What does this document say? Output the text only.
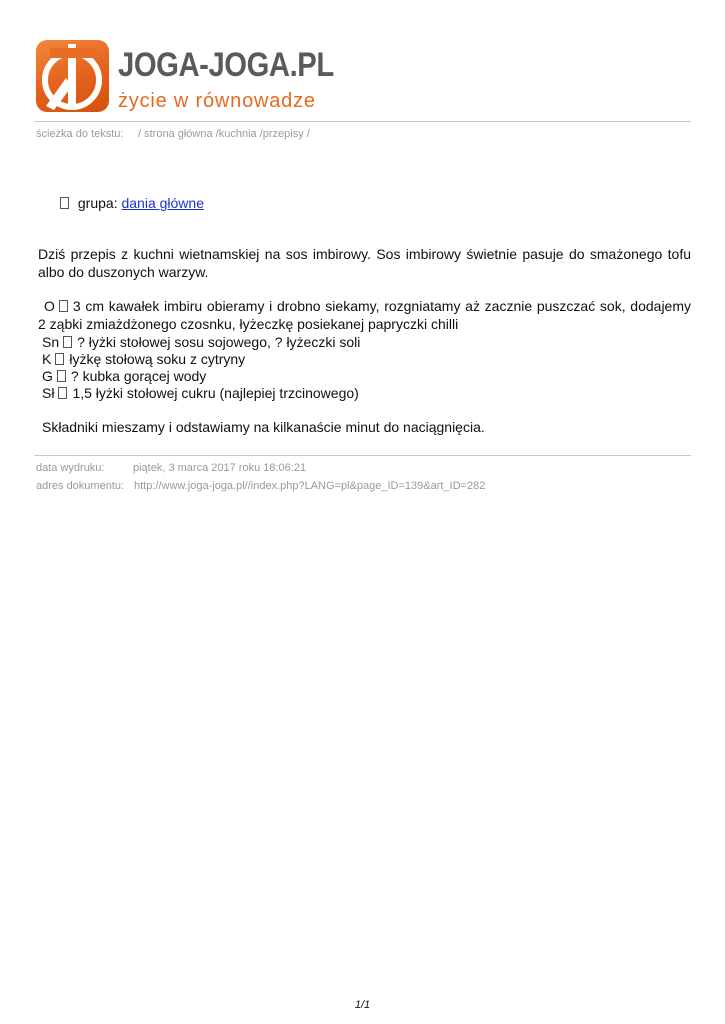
JOGA-JOGA.PL
życie w równowadze
ścieżka do tekstu: / strona główna /kuchnia /przepisy /
grupa: dania główne
Dziś przepis z kuchni wietnamskiej na sos imbirowy. Sos imbirowy świetnie pasuje do smażonego tofu albo do duszonych warzyw.
O 3 cm kawałek imbiru obieramy i drobno siekamy, rozgniatamy aż zacznie puszczać sok, dodajemy 2 ząbki zmiażdżonego czosnku, łyżeczkę posiekanej papryczki chilli
Sn ? łyżki stołowej sosu sojowego, ? łyżeczki soli
K łyżkę stołową soku z cytryny
G ? kubka gorącej wody
Sł 1,5 łyżki stołowej cukru (najlepiej trzcinowego)
Składniki mieszamy i odstawiamy na kilkanaście minut do naciągnięcia.
data wydruku:	piątek, 3 marca 2017 roku 18:06:21
adres dokumentu: http://www.joga-joga.pl//index.php?LANG=pl&page_ID=139&art_ID=282
1/1
